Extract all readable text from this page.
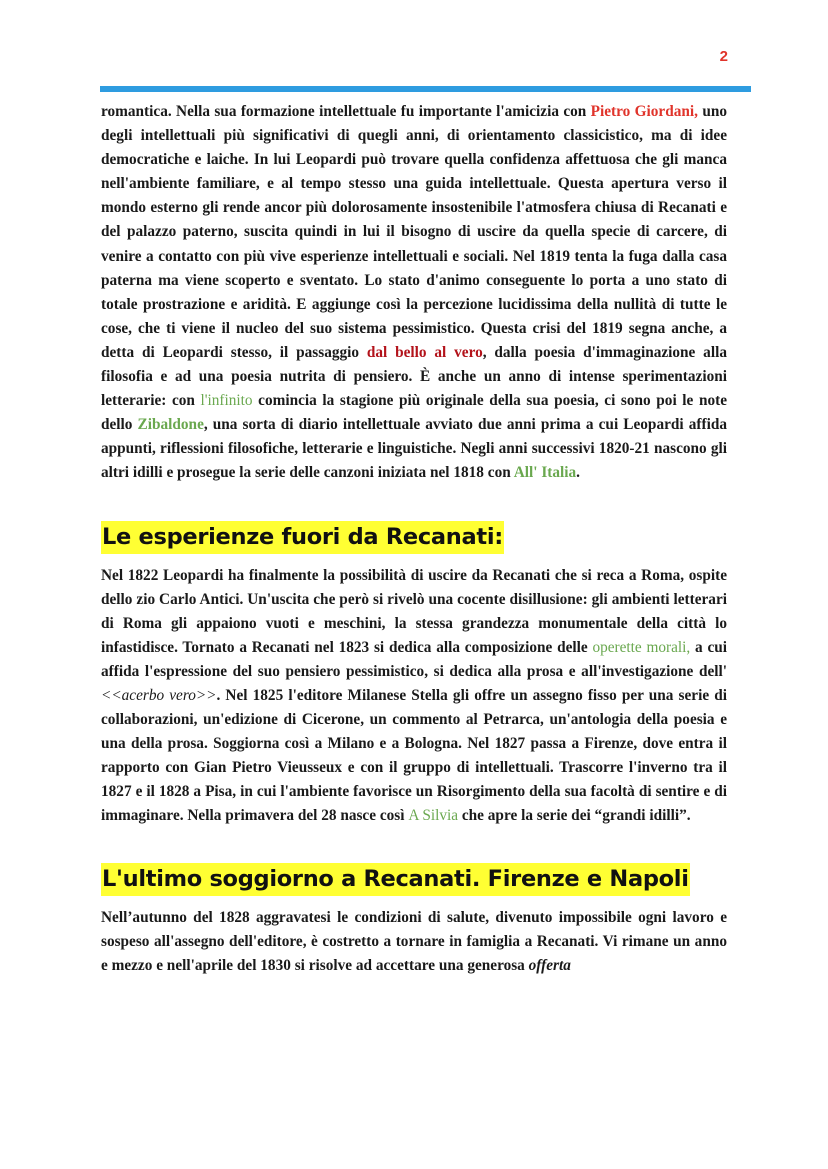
2

romantica. Nella sua formazione intellettuale fu importante l'amicizia con Pietro Giordani, uno degli intellettuali più significativi di quegli anni, di orientamento classicistico, ma di idee democratiche e laiche. In lui Leopardi può trovare quella confidenza affettuosa che gli manca nell'ambiente familiare, e al tempo stesso una guida intellettuale. Questa apertura verso il mondo esterno gli rende ancor più dolorosamente insostenibile l'atmosfera chiusa di Recanati e del palazzo paterno, suscita quindi in lui il bisogno di uscire da quella specie di carcere, di venire a contatto con più vive esperienze intellettuali e sociali. Nel 1819 tenta la fuga dalla casa paterna ma viene scoperto e sventato. Lo stato d'animo conseguente lo porta a uno stato di totale prostrazione e aridità. E aggiunge così la percezione lucidissima della nullità di tutte le cose, che ti viene il nucleo del suo sistema pessimistico. Questa crisi del 1819 segna anche, a detta di Leopardi stesso, il passaggio dal bello al vero, dalla poesia d'immaginazione alla filosofia e ad una poesia nutrita di pensiero. È anche un anno di intense sperimentazioni letterarie: con l'infinito comincia la stagione più originale della sua poesia, ci sono poi le note dello Zibaldone, una sorta di diario intellettuale avviato due anni prima a cui Leopardi affida appunti, riflessioni filosofiche, letterarie e linguistiche. Negli anni successivi 1820-21 nascono gli altri idilli e prosegue la serie delle canzoni iniziata nel 1818 con All' Italia.

Le esperienze fuori da Recanati:

Nel 1822 Leopardi ha finalmente la possibilità di uscire da Recanati che si reca a Roma, ospite dello zio Carlo Antici. Un'uscita che però si rivelò una cocente disillusione: gli ambienti letterari di Roma gli appaiono vuoti e meschini, la stessa grandezza monumentale della città lo infastidisce. Tornato a Recanati nel 1823 si dedica alla composizione delle operette morali, a cui affida l'espressione del suo pensiero pessimistico, si dedica alla prosa e all'investigazione dell' <<acerbo vero>>. Nel 1825 l'editore Milanese Stella gli offre un assegno fisso per una serie di collaborazioni, un'edizione di Cicerone, un commento al Petrarca, un'antologia della poesia e una della prosa. Soggiorna così a Milano e a Bologna. Nel 1827 passa a Firenze, dove entra il rapporto con Gian Pietro Vieusseux e con il gruppo di intellettuali. Trascorre l'inverno tra il 1827 e il 1828 a Pisa, in cui l'ambiente favorisce un Risorgimento della sua facoltà di sentire e di immaginare. Nella primavera del 28 nasce così A Silvia che apre la serie dei “grandi idilli”.

L'ultimo soggiorno a Recanati. Firenze e Napoli

Nell’autunno del 1828 aggravatesi le condizioni di salute, divenuto impossibile ogni lavoro e sospeso all'assegno dell'editore, è costretto a tornare in famiglia a Recanati. Vi rimane un anno e mezzo e nell'aprile del 1830 si risolve ad accettare una generosa offerta
